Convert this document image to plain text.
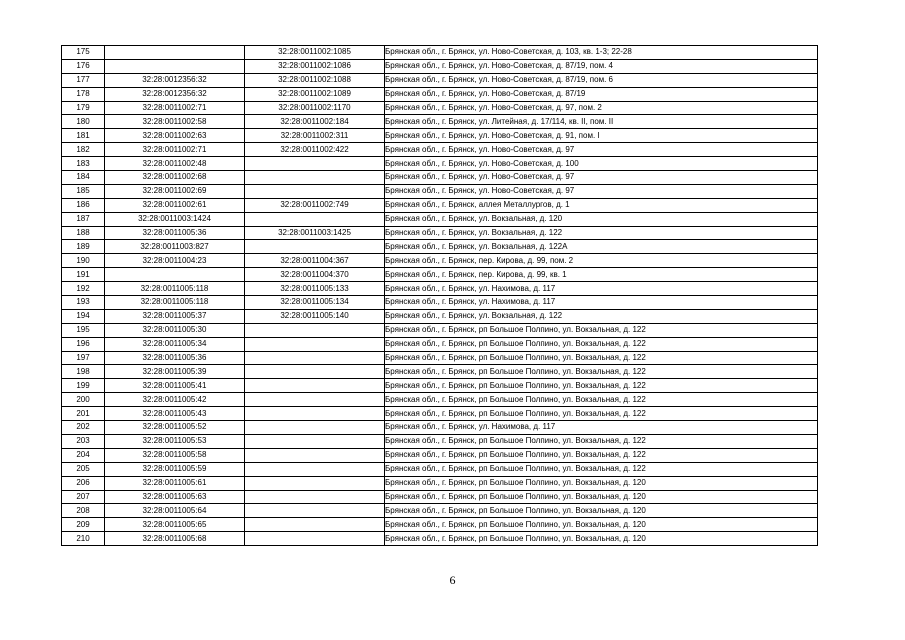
175		32:28:0011002:1085	Брянская обл., г. Брянск, ул. Ново-Советская, д. 103, кв. 1-3; 22-28
176		32:28:0011002:1086	Брянская обл., г. Брянск, ул. Ново-Советская, д. 87/19, пом. 4
177	32:28:0012356:32	32:28:0011002:1088	Брянская обл., г. Брянск, ул. Ново-Советская, д. 87/19, пом. 6
178	32:28:0012356:32	32:28:0011002:1089	Брянская обл., г. Брянск, ул. Ново-Советская, д. 87/19
179	32:28:0011002:71	32:28:0011002:1170	Брянская обл., г. Брянск, ул. Ново-Советская, д. 97, пом. 2
180	32:28:0011002:58	32:28:0011002:184	Брянская обл., г. Брянск, ул. Литейная, д. 17/114, кв. II, пом. II
181	32:28:0011002:63	32:28:0011002:311	Брянская обл., г. Брянск, ул. Ново-Советская, д. 91, пом. I
182	32:28:0011002:71	32:28:0011002:422	Брянская обл., г. Брянск, ул. Ново-Советская, д. 97
183	32:28:0011002:48		Брянская обл., г. Брянск, ул. Ново-Советская, д. 100
184	32:28:0011002:68		Брянская обл., г. Брянск, ул. Ново-Советская, д. 97
185	32:28:0011002:69		Брянская обл., г. Брянск, ул. Ново-Советская, д. 97
186	32:28:0011002:61	32:28:0011002:749	Брянская обл., г. Брянск, аллея Металлургов, д. 1
187	32:28:0011003:1424		Брянская обл., г. Брянск, ул. Вокзальная, д. 120
188	32:28:0011005:36	32:28:0011003:1425	Брянская обл., г. Брянск, ул. Вокзальная, д. 122
189	32:28:0011003:827		Брянская обл., г. Брянск, ул. Вокзальная, д. 122А
190	32:28:0011004:23	32:28:0011004:367	Брянская обл., г. Брянск, пер. Кирова, д. 99, пом. 2
191		32:28:0011004:370	Брянская обл., г. Брянск, пер. Кирова, д. 99, кв. 1
192	32:28:0011005:118	32:28:0011005:133	Брянская обл., г. Брянск, ул. Нахимова, д. 117
193	32:28:0011005:118	32:28:0011005:134	Брянская обл., г. Брянск, ул. Нахимова, д. 117
194	32:28:0011005:37	32:28:0011005:140	Брянская обл., г. Брянск, ул. Вокзальная, д. 122
195	32:28:0011005:30		Брянская обл., г. Брянск, рп Большое Полпино, ул. Вокзальная, д. 122
196	32:28:0011005:34		Брянская обл., г. Брянск, рп Большое Полпино, ул. Вокзальная, д. 122
197	32:28:0011005:36		Брянская обл., г. Брянск, рп Большое Полпино, ул. Вокзальная, д. 122
198	32:28:0011005:39		Брянская обл., г. Брянск, рп Большое Полпино, ул. Вокзальная, д. 122
199	32:28:0011005:41		Брянская обл., г. Брянск, рп Большое Полпино, ул. Вокзальная, д. 122
200	32:28:0011005:42		Брянская обл., г. Брянск, рп Большое Полпино, ул. Вокзальная, д. 122
201	32:28:0011005:43		Брянская обл., г. Брянск, рп Большое Полпино, ул. Вокзальная, д. 122
202	32:28:0011005:52		Брянская обл., г. Брянск, ул. Нахимова, д. 117
203	32:28:0011005:53		Брянская обл., г. Брянск, рп Большое Полпино, ул. Вокзальная, д. 122
204	32:28:0011005:58		Брянская обл., г. Брянск, рп Большое Полпино, ул. Вокзальная, д. 122
205	32:28:0011005:59		Брянская обл., г. Брянск, рп Большое Полпино, ул. Вокзальная, д. 122
206	32:28:0011005:61		Брянская обл., г. Брянск, рп Большое Полпино, ул. Вокзальная, д. 120
207	32:28:0011005:63		Брянская обл., г. Брянск, рп Большое Полпино, ул. Вокзальная, д. 120
208	32:28:0011005:64		Брянская обл., г. Брянск, рп Большое Полпино, ул. Вокзальная, д. 120
209	32:28:0011005:65		Брянская обл., г. Брянск, рп Большое Полпино, ул. Вокзальная, д. 120
210	32:28:0011005:68		Брянская обл., г. Брянск, рп Большое Полпино, ул. Вокзальная, д. 120
6
